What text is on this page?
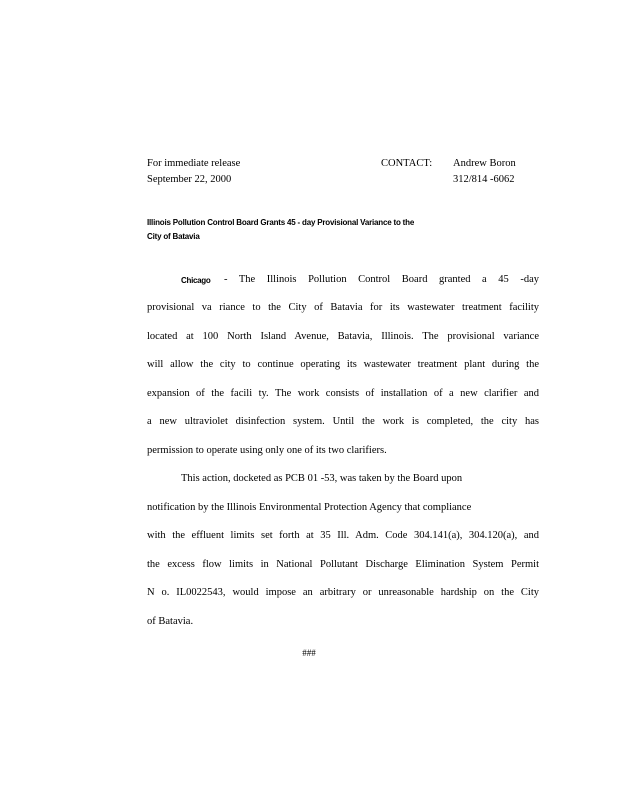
For immediate release
September 22, 2000
CONTACT: Andrew Boron
312/814 -6062
Illinois Pollution Control Board Grants 45 - day Provisional Variance to the
City of Batavia
Chicago - The Illinois Pollution Control Board granted a 45 -day
provisional va riance to the City of Batavia for its wastewater treatment facility
located at 100 North Island Avenue, Batavia, Illinois. The provisional variance
will allow the city to continue operating its wastewater treatment plant during the
expansion of the facili ty. The work consists of installation of a new clarifier and
a new ultraviolet disinfection system. Until the work is completed, the city has
permission to operate using only one of its two clarifiers.
This action, docketed as PCB 01 -53, was taken by the Board upon
notification by the Illinois Environmental Protection Agency that compliance
with the effluent limits set forth at 35 Ill. Adm. Code 304.141(a), 304.120(a), and
the excess flow limits in National Pollutant Discharge Elimination System Permit
N o. IL0022543, would impose an arbitrary or unreasonable hardship on the City
of Batavia.
###
